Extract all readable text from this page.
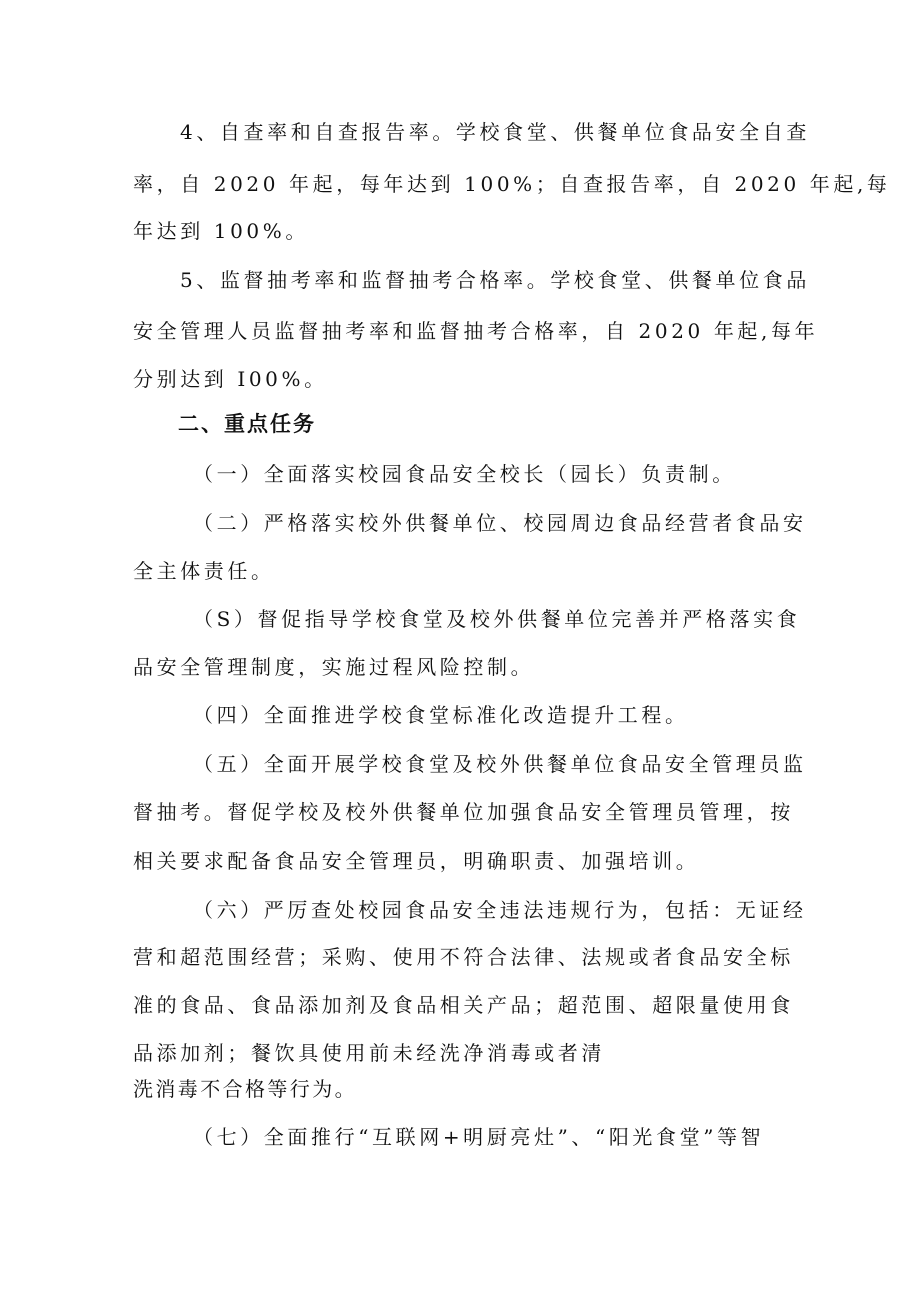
4、自查率和自查报告率。学校食堂、供餐单位食品安全自查
率，自 2020 年起，每年达到 100%；自查报告率，自 2020 年起,每
年达到 100%。
5、监督抽考率和监督抽考合格率。学校食堂、供餐单位食品
安全管理人员监督抽考率和监督抽考合格率，自 2020 年起,每年
分别达到 I00%。
二、重点任务
（一）全面落实校园食品安全校长（园长）负责制。
（二）严格落实校外供餐单位、校园周边食品经营者食品安
全主体责任。
（S）督促指导学校食堂及校外供餐单位完善并严格落实食
品安全管理制度，实施过程风险控制。
（四）全面推进学校食堂标准化改造提升工程。
（五）全面开展学校食堂及校外供餐单位食品安全管理员监
督抽考。督促学校及校外供餐单位加强食品安全管理员管理，按
相关要求配备食品安全管理员，明确职责、加强培训。
（六）严厉查处校园食品安全违法违规行为，包括：无证经
营和超范围经营；采购、使用不符合法律、法规或者食品安全标
准的食品、食品添加剂及食品相关产品；超范围、超限量使用食
品添加剂；餐饮具使用前未经洗净消毒或者清
洗消毒不合格等行为。
（七）全面推行“互联网+明厨亮灶”、“阳光食堂”等智
